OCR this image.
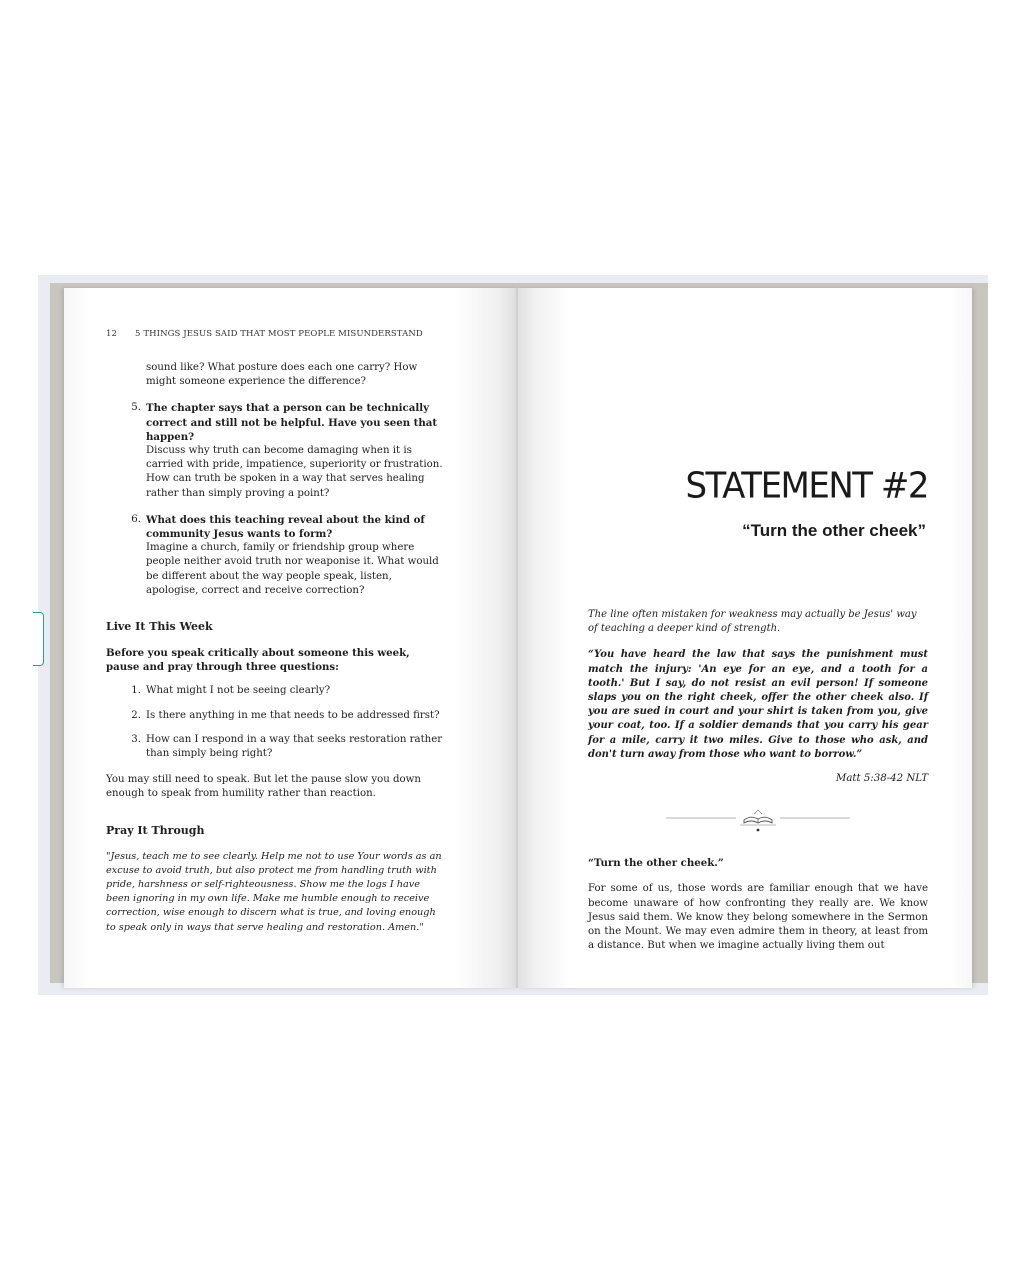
12 5 THINGS JESUS SAID THAT MOST PEOPLE MISUNDERSTAND

sound like? What posture does each one carry? How might someone experience the difference?

5. The chapter says that a person can be technically correct and still not be helpful. Have you seen that happen?

Discuss why truth can become damaging when it is carried with pride, impatience, superiority or frustration. How can truth be spoken in a way that serves healing rather than simply proving a point?

6. What does this teaching reveal about the kind of community Jesus wants to form?

Imagine a church, family or friendship group where people neither avoid truth nor weaponise it. What would be different about the way people speak, listen, apologise, correct and receive correction?

Live It This Week

Before you speak critically about someone this week, pause and pray through three questions:

1. What might I not be seeing clearly?
2. Is there anything in me that needs to be addressed first?
3. How can I respond in a way that seeks restoration rather than simply being right?

You may still need to speak. But let the pause slow you down enough to speak from humility rather than reaction.

Pray It Through

"Jesus, teach me to see clearly. Help me not to use Your words as an excuse to avoid truth, but also protect me from handling truth with pride, harshness or self-righteousness. Show me the logs I have been ignoring in my own life. Make me humble enough to receive correction, wise enough to discern what is true, and loving enough to speak only in ways that serve healing and restoration. Amen."

STATEMENT #2
“Turn the other cheek”

The line often mistaken for weakness may actually be Jesus' way of teaching a deeper kind of strength.

“You have heard the law that says the punishment must match the injury: 'An eye for an eye, and a tooth for a tooth.' But I say, do not resist an evil person! If someone slaps you on the right cheek, offer the other cheek also. If you are sued in court and your shirt is taken from you, give your coat, too. If a soldier demands that you carry his gear for a mile, carry it two miles. Give to those who ask, and don't turn away from those who want to borrow.”

Matt 5:38-42 NLT

“Turn the other cheek.”

For some of us, those words are familiar enough that we have become unaware of how confronting they really are. We know Jesus said them. We know they belong somewhere in the Sermon on the Mount. We may even admire them in theory, at least from a distance. But when we imagine actually living them out
